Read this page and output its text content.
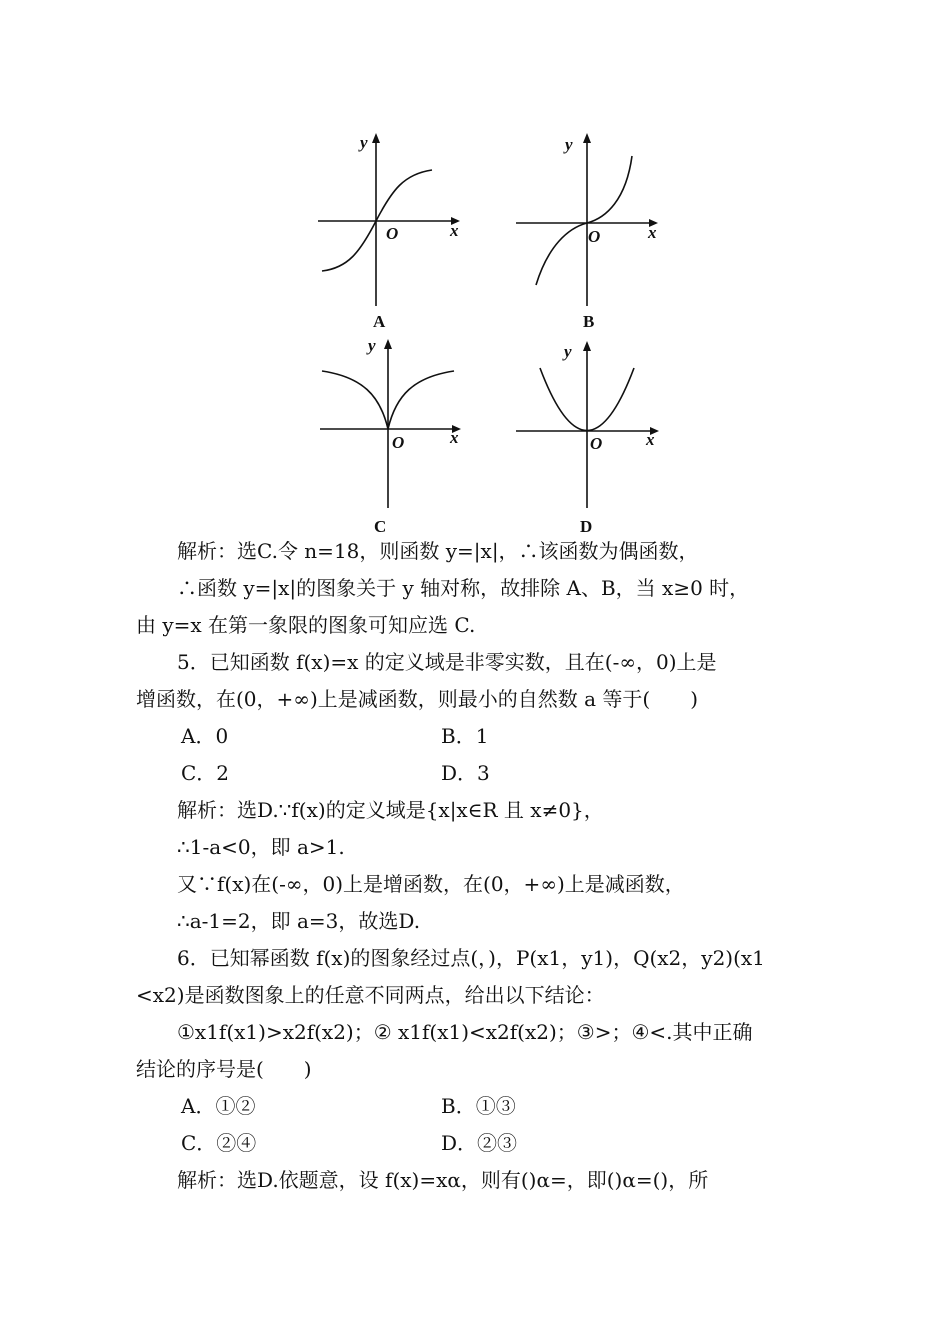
y
x
O
A
y
x
O
B
y
x
O
C
y
x
O
D
解析：选C.令 n=18，则函数 y=|x|，∴该函数为偶函数，
∴函数 y=|x|的图象关于 y 轴对称，故排除 A、B，当 x≥0 时，
由 y=x 在第一象限的图象可知应选 C.
5．已知函数 f(x)=x 的定义域是非零实数，且在(-∞，0)上是
增函数，在(0，+∞)上是减函数，则最小的自然数 a 等于(　　)
A．0	B．1
C．2	D．3
解析：选D.∵f(x)的定义域是{x|x∈R 且 x≠0}，
∴1-a<0，即 a>1.
又∵f(x)在(-∞，0)上是增函数，在(0，+∞)上是减函数，
∴a-1=2，即 a=3，故选D.
6．已知幂函数 f(x)的图象经过点(，)，P(x1，y1)，Q(x2，y2)(x1
<x2)是函数图象上的任意不同两点，给出以下结论：
①x1f(x1)>x2f(x2)；② x1f(x1)<x2f(x2)；③>；④<.其中正确
结论的序号是(　　)
A．①②	B．①③
C．②④	D．②③
解析：选D.依题意，设 f(x)=xα，则有()α=，即()α=()，所
